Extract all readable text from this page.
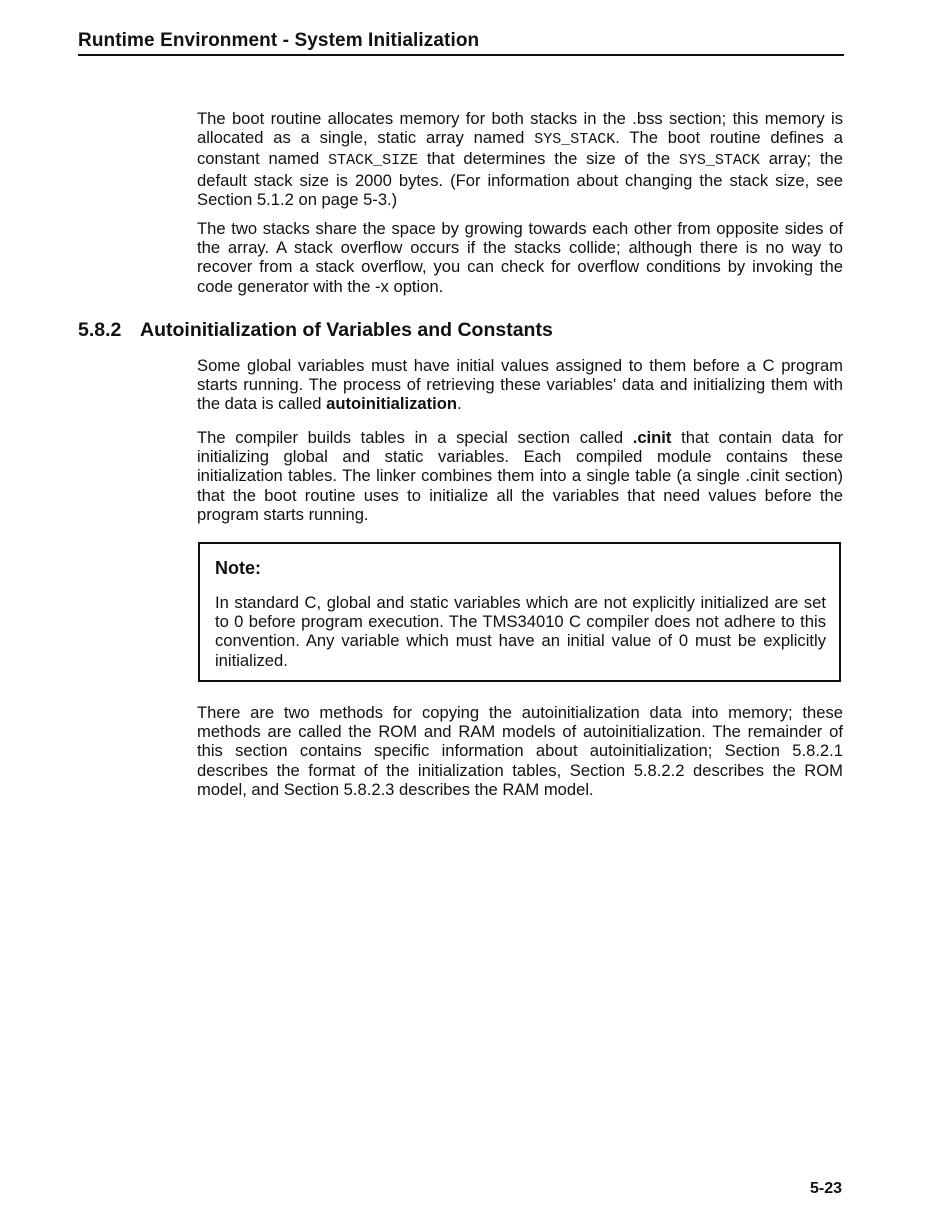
Runtime Environment - System Initialization

The boot routine allocates memory for both stacks in the .bss section; this memory is allocated as a single, static array named SYS_STACK. The boot routine defines a constant named STACK_SIZE that determines the size of the SYS_STACK array; the default stack size is 2000 bytes. (For information about changing the stack size, see Section 5.1.2 on page 5-3.)

The two stacks share the space by growing towards each other from opposite sides of the array. A stack overflow occurs if the stacks collide; although there is no way to recover from a stack overflow, you can check for overflow conditions by invoking the code generator with the -x option.

5.8.2 Autoinitialization of Variables and Constants

Some global variables must have initial values assigned to them before a C program starts running. The process of retrieving these variables' data and initializing them with the data is called autoinitialization.

The compiler builds tables in a special section called .cinit that contain data for initializing global and static variables. Each compiled module contains these initialization tables. The linker combines them into a single table (a single .cinit section) that the boot routine uses to initialize all the variables that need values before the program starts running.

Note:
In standard C, global and static variables which are not explicitly initialized are set to 0 before program execution. The TMS34010 C compiler does not adhere to this convention. Any variable which must have an initial value of 0 must be explicitly initialized.

There are two methods for copying the autoinitialization data into memory; these methods are called the ROM and RAM models of autoinitialization. The remainder of this section contains specific information about autoinitialization; Section 5.8.2.1 describes the format of the initialization tables, Section 5.8.2.2 describes the ROM model, and Section 5.8.2.3 describes the RAM model.

5-23
